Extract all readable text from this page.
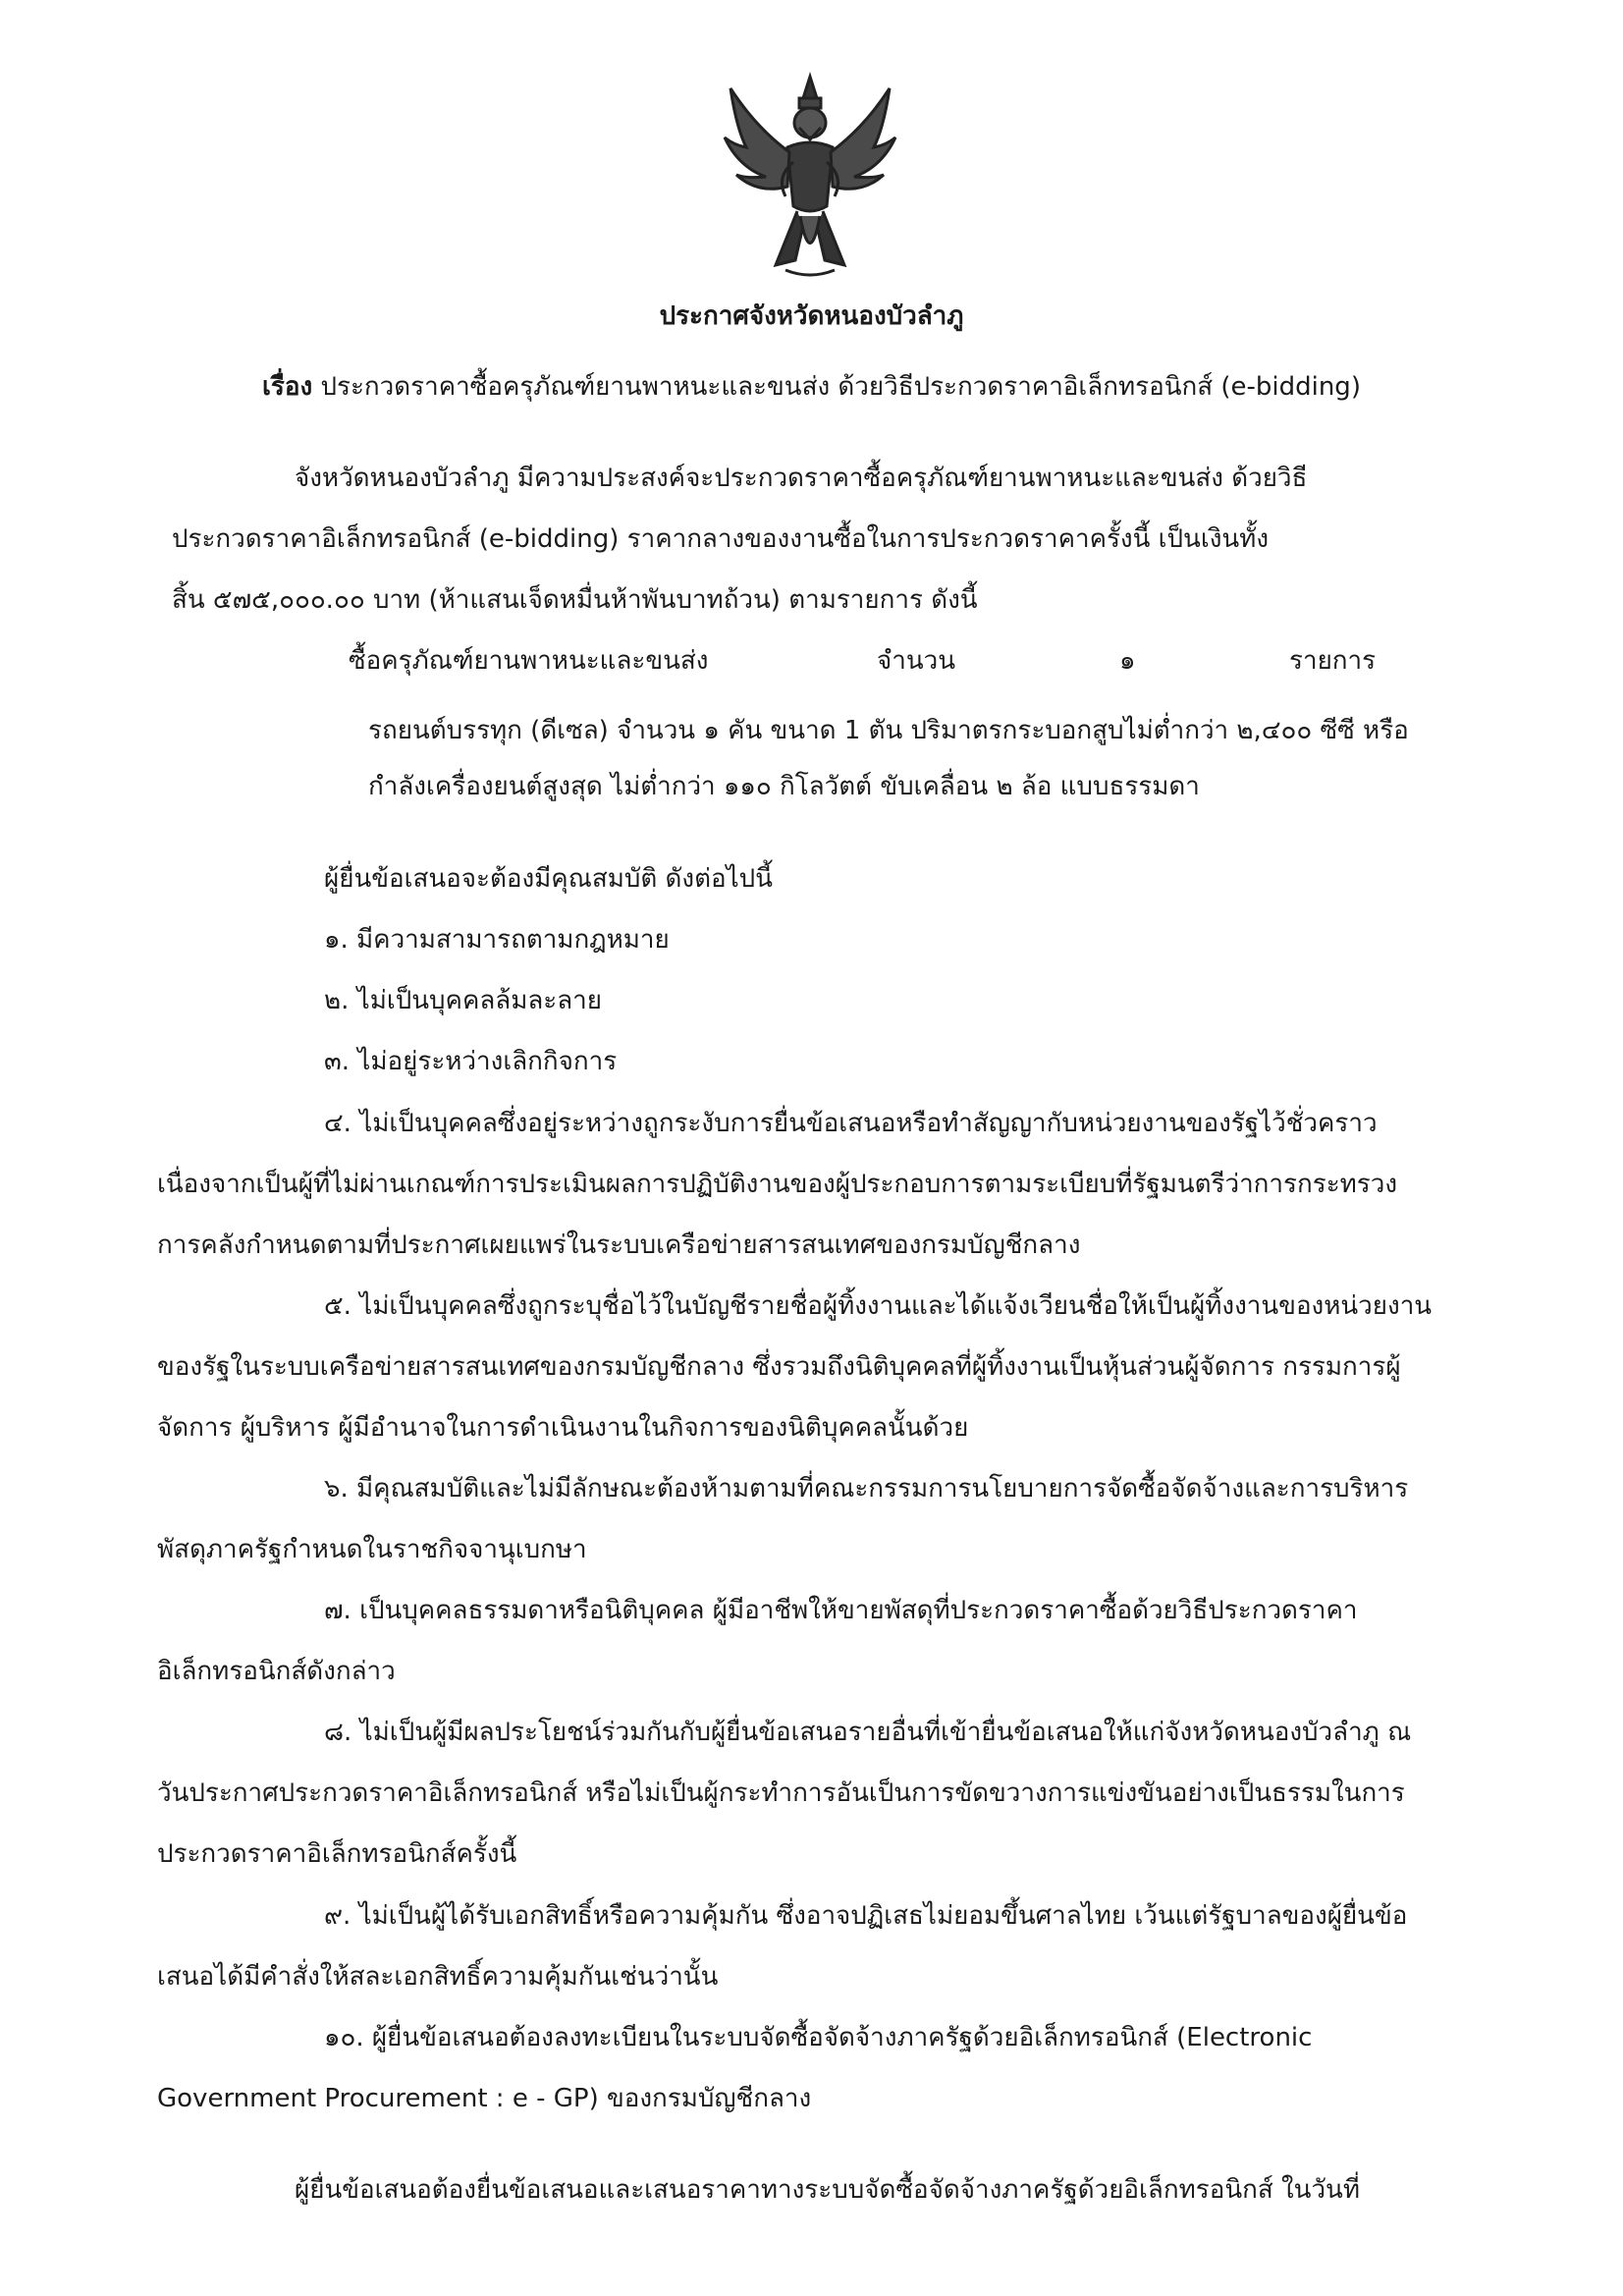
ประกาศจังหวัดหนองบัวลำภู
เรื่อง ประกวดราคาซื้อครุภัณฑ์ยานพาหนะและขนส่ง ด้วยวิธีประกวดราคาอิเล็กทรอนิกส์ (e-bidding)
จังหวัดหนองบัวลำภู มีความประสงค์จะประกวดราคาซื้อครุภัณฑ์ยานพาหนะและขนส่ง ด้วยวิธี
ประกวดราคาอิเล็กทรอนิกส์ (e-bidding) ราคากลางของงานซื้อในการประกวดราคาครั้งนี้ เป็นเงินทั้ง
สิ้น ๕๗๕,๐๐๐.๐๐ บาท (ห้าแสนเจ็ดหมื่นห้าพันบาทถ้วน) ตามรายการ ดังนี้
ซื้อครุภัณฑ์ยานพาหนะและขนส่ง	จำนวน	๑	รายการ
รถยนต์บรรทุก (ดีเซล) จำนวน ๑ คัน ขนาด 1 ตัน ปริมาตรกระบอกสูบไม่ต่ำกว่า ๒,๔๐๐ ซีซี หรือ
กำลังเครื่องยนต์สูงสุด ไม่ต่ำกว่า ๑๑๐ กิโลวัตต์ ขับเคลื่อน ๒ ล้อ แบบธรรมดา
ผู้ยื่นข้อเสนอจะต้องมีคุณสมบัติ ดังต่อไปนี้
๑. มีความสามารถตามกฎหมาย
๒. ไม่เป็นบุคคลล้มละลาย
๓. ไม่อยู่ระหว่างเลิกกิจการ
๔. ไม่เป็นบุคคลซึ่งอยู่ระหว่างถูกระงับการยื่นข้อเสนอหรือทำสัญญากับหน่วยงานของรัฐไว้ชั่วคราว
เนื่องจากเป็นผู้ที่ไม่ผ่านเกณฑ์การประเมินผลการปฏิบัติงานของผู้ประกอบการตามระเบียบที่รัฐมนตรีว่าการกระทรวง
การคลังกำหนดตามที่ประกาศเผยแพร่ในระบบเครือข่ายสารสนเทศของกรมบัญชีกลาง
๕. ไม่เป็นบุคคลซึ่งถูกระบุชื่อไว้ในบัญชีรายชื่อผู้ทิ้งงานและได้แจ้งเวียนชื่อให้เป็นผู้ทิ้งงานของหน่วยงาน
ของรัฐในระบบเครือข่ายสารสนเทศของกรมบัญชีกลาง ซึ่งรวมถึงนิติบุคคลที่ผู้ทิ้งงานเป็นหุ้นส่วนผู้จัดการ กรรมการผู้
จัดการ ผู้บริหาร ผู้มีอำนาจในการดำเนินงานในกิจการของนิติบุคคลนั้นด้วย
๖. มีคุณสมบัติและไม่มีลักษณะต้องห้ามตามที่คณะกรรมการนโยบายการจัดซื้อจัดจ้างและการบริหาร
พัสดุภาครัฐกำหนดในราชกิจจานุเบกษา
๗. เป็นบุคคลธรรมดาหรือนิติบุคคล ผู้มีอาชีพให้ขายพัสดุที่ประกวดราคาซื้อด้วยวิธีประกวดราคา
อิเล็กทรอนิกส์ดังกล่าว
๘. ไม่เป็นผู้มีผลประโยชน์ร่วมกันกับผู้ยื่นข้อเสนอรายอื่นที่เข้ายื่นข้อเสนอให้แก่จังหวัดหนองบัวลำภู ณ
วันประกาศประกวดราคาอิเล็กทรอนิกส์ หรือไม่เป็นผู้กระทำการอันเป็นการขัดขวางการแข่งขันอย่างเป็นธรรมในการ
ประกวดราคาอิเล็กทรอนิกส์ครั้งนี้
๙. ไม่เป็นผู้ได้รับเอกสิทธิ์หรือความคุ้มกัน ซึ่งอาจปฏิเสธไม่ยอมขึ้นศาลไทย เว้นแต่รัฐบาลของผู้ยื่นข้อ
เสนอได้มีคำสั่งให้สละเอกสิทธิ์ความคุ้มกันเช่นว่านั้น
๑๐. ผู้ยื่นข้อเสนอต้องลงทะเบียนในระบบจัดซื้อจัดจ้างภาครัฐด้วยอิเล็กทรอนิกส์ (Electronic
Government Procurement : e - GP) ของกรมบัญชีกลาง
ผู้ยื่นข้อเสนอต้องยื่นข้อเสนอและเสนอราคาทางระบบจัดซื้อจัดจ้างภาครัฐด้วยอิเล็กทรอนิกส์ ในวันที่
